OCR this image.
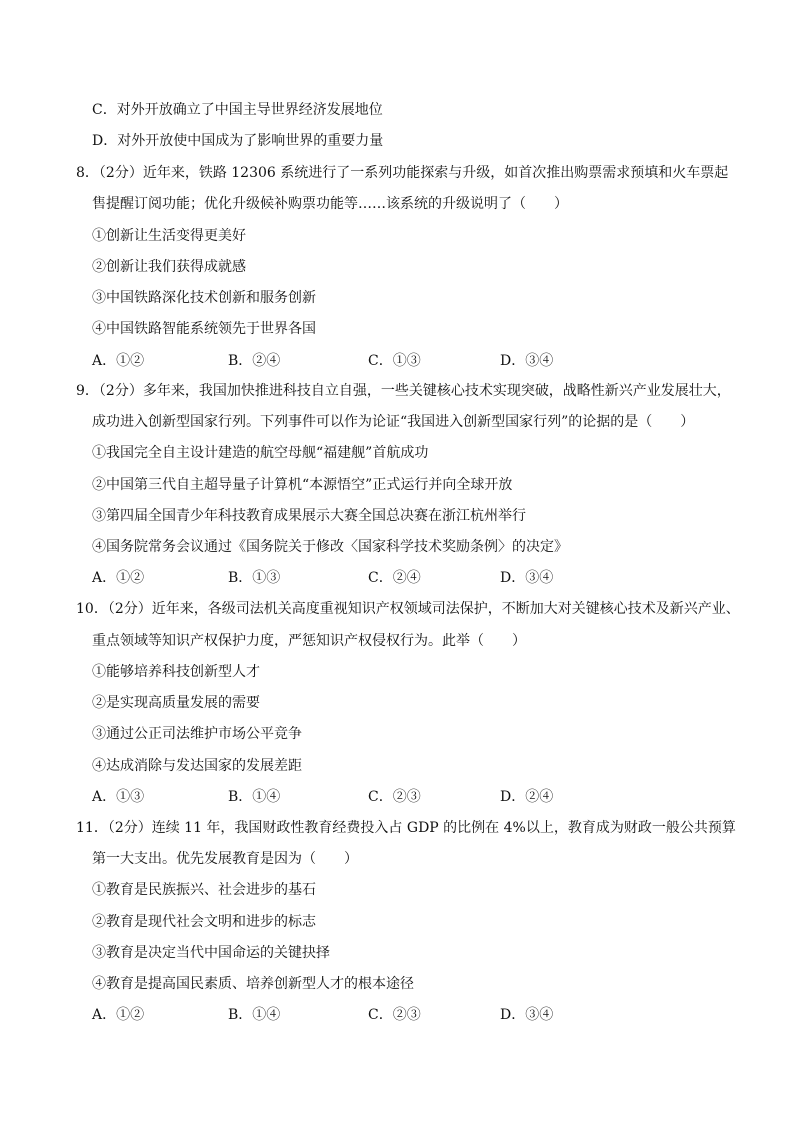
C．对外开放确立了中国主导世界经济发展地位
D．对外开放使中国成为了影响世界的重要力量
8．（2分）近年来，铁路 12306 系统进行了一系列功能探索与升级，如首次推出购票需求预填和火车票起
售提醒订阅功能；优化升级候补购票功能等……该系统的升级说明了（　　）
①创新让生活变得更美好
②创新让我们获得成就感
③中国铁路深化技术创新和服务创新
④中国铁路智能系统领先于世界各国
A．①②	B．②④	C．①③	D．③④
9．（2分）多年来，我国加快推进科技自立自强，一些关键核心技术实现突破，战略性新兴产业发展壮大，
成功进入创新型国家行列。下列事件可以作为论证“我国进入创新型国家行列”的论据的是（　　）
①我国完全自主设计建造的航空母舰“福建舰”首航成功
②中国第三代自主超导量子计算机“本源悟空”正式运行并向全球开放
③第四届全国青少年科技教育成果展示大赛全国总决赛在浙江杭州举行
④国务院常务会议通过《国务院关于修改〈国家科学技术奖励条例〉的决定》
A．①②	B．①③	C．②④	D．③④
10．（2分）近年来，各级司法机关高度重视知识产权领域司法保护，不断加大对关键核心技术及新兴产业、
重点领域等知识产权保护力度，严惩知识产权侵权行为。此举（　　）
①能够培养科技创新型人才
②是实现高质量发展的需要
③通过公正司法维护市场公平竞争
④达成消除与发达国家的发展差距
A．①③	B．①④	C．②③	D．②④
11．（2分）连续 11 年，我国财政性教育经费投入占 GDP 的比例在 4%以上，教育成为财政一般公共预算
第一大支出。优先发展教育是因为（　　）
①教育是民族振兴、社会进步的基石
②教育是现代社会文明和进步的标志
③教育是决定当代中国命运的关键抉择
④教育是提高国民素质、培养创新型人才的根本途径
A．①②	B．①④	C．②③	D．③④
